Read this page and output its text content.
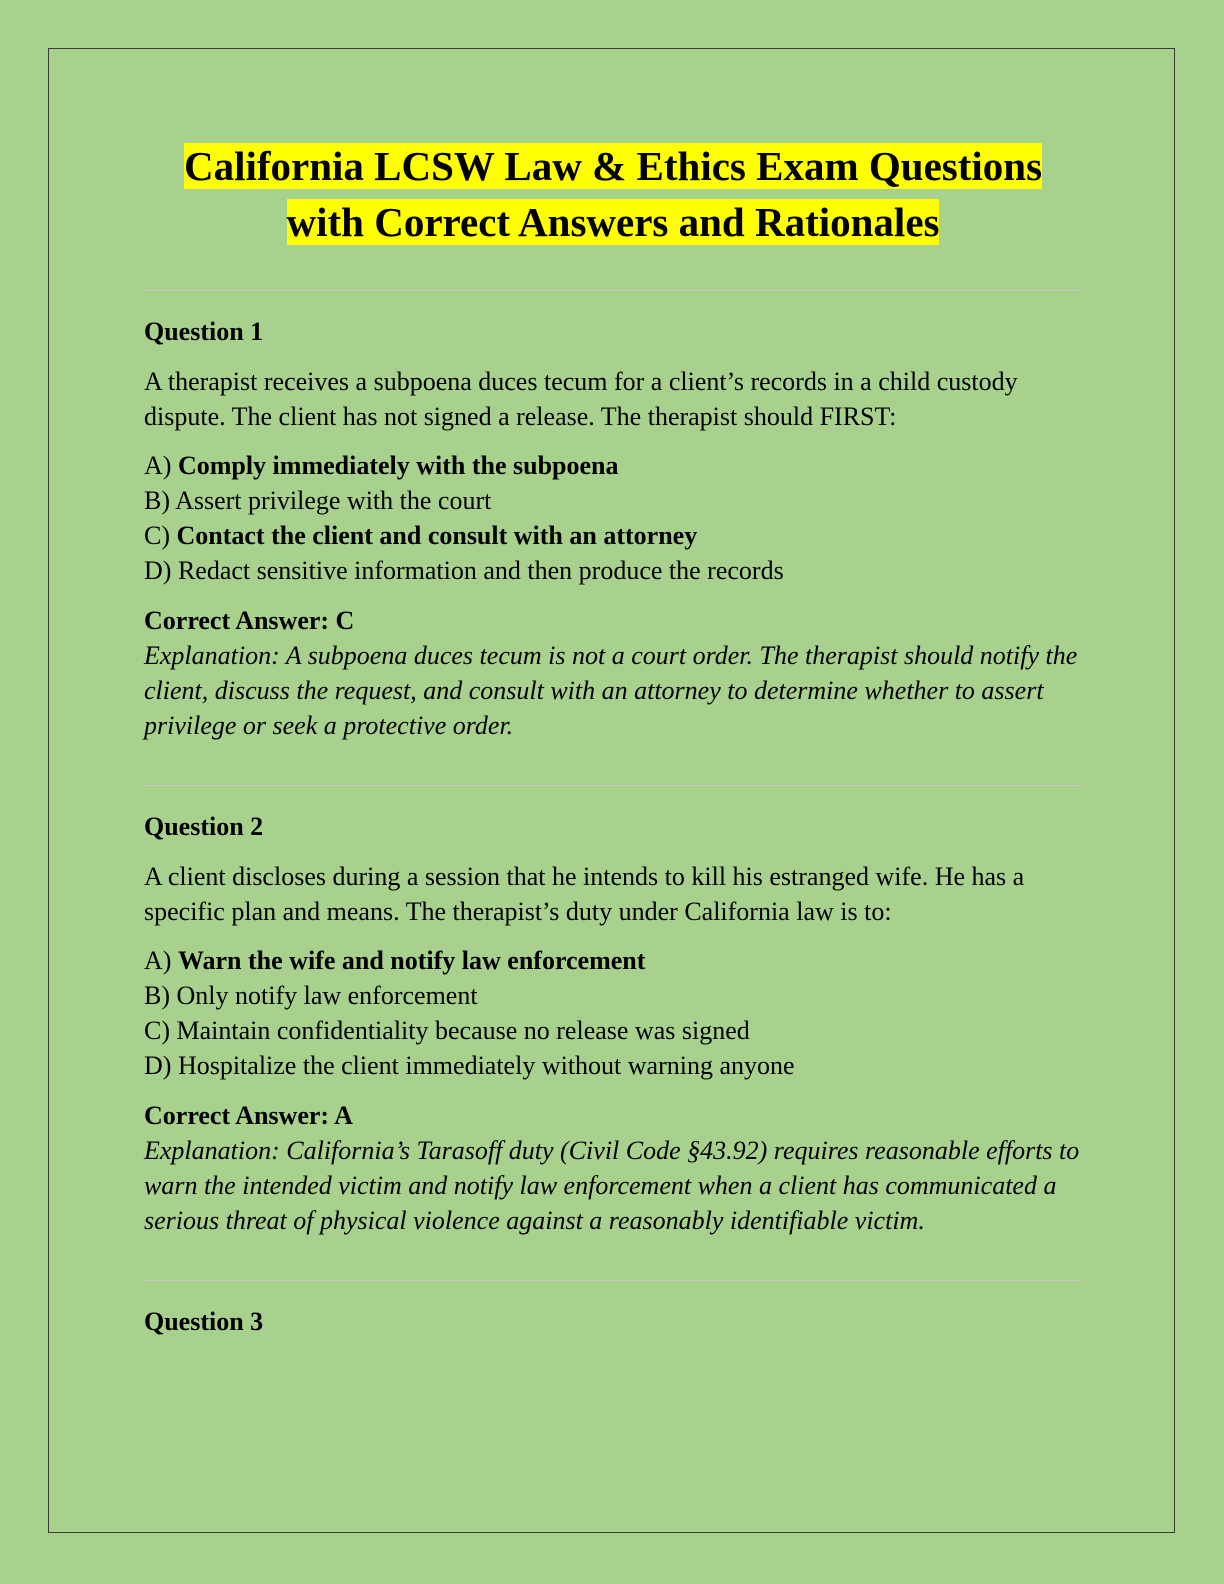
California LCSW Law & Ethics Exam Questions
with Correct Answers and Rationales

Question 1

A therapist receives a subpoena duces tecum for a client’s records in a child custody dispute. The client has not signed a release. The therapist should FIRST:

A) Comply immediately with the subpoena
B) Assert privilege with the court
C) Contact the client and consult with an attorney
D) Redact sensitive information and then produce the records

Correct Answer: C

Explanation: A subpoena duces tecum is not a court order. The therapist should notify the client, discuss the request, and consult with an attorney to determine whether to assert privilege or seek a protective order.

Question 2

A client discloses during a session that he intends to kill his estranged wife. He has a specific plan and means. The therapist’s duty under California law is to:

A) Warn the wife and notify law enforcement
B) Only notify law enforcement
C) Maintain confidentiality because no release was signed
D) Hospitalize the client immediately without warning anyone

Correct Answer: A

Explanation: California’s Tarasoff duty (Civil Code §43.92) requires reasonable efforts to warn the intended victim and notify law enforcement when a client has communicated a serious threat of physical violence against a reasonably identifiable victim.

Question 3
